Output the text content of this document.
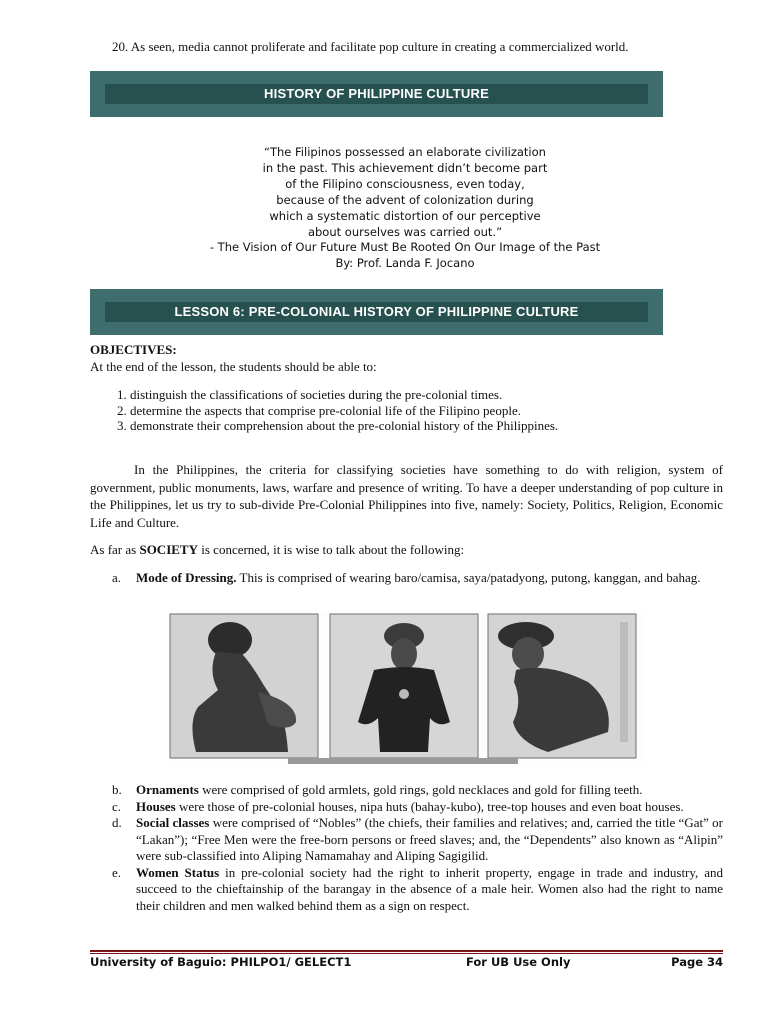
20. As seen, media cannot proliferate and facilitate pop culture in creating a commercialized world.
HISTORY OF PHILIPPINE CULTURE
“The Filipinos possessed an elaborate civilization
in the past. This achievement didn’t become part
of the Filipino consciousness, even today,
because of the advent of colonization during
which a systematic distortion of our perceptive
about ourselves was carried out.”
- The Vision of Our Future Must Be Rooted On Our Image of the Past
By: Prof. Landa F. Jocano
LESSON 6: PRE-COLONIAL HISTORY OF PHILIPPINE CULTURE
OBJECTIVES:
At the end of the lesson, the students should be able to:
1. distinguish the classifications of societies during the pre-colonial times.
2. determine the aspects that comprise pre-colonial life of the Filipino people.
3. demonstrate their comprehension about the pre-colonial history of the Philippines.
In the Philippines, the criteria for classifying societies have something to do with religion, system of government, public monuments, laws, warfare and presence of writing. To have a deeper understanding of pop culture in the Philippines, let us try to sub-divide Pre-Colonial Philippines into five, namely: Society, Politics, Religion, Economic Life and Culture.
As far as SOCIETY is concerned, it is wise to talk about the following:
a. Mode of Dressing. This is comprised of wearing baro/camisa, saya/patadyong, putong, kanggan, and bahag.
b. Ornaments were comprised of gold armlets, gold rings, gold necklaces and gold for filling teeth.
c. Houses were those of pre-colonial houses, nipa huts (bahay-kubo), tree-top houses and even boat houses.
d. Social classes were comprised of “Nobles” (the chiefs, their families and relatives; and, carried the title “Gat” or “Lakan”); “Free Men were the free-born persons or freed slaves; and, the “Dependents” also known as “Alipin” were sub-classified into Aliping Namamahay and Aliping Sagigilid.
e. Women Status in pre-colonial society had the right to inherit property, engage in trade and industry, and succeed to the chieftainship of the barangay in the absence of a male heir. Women also had the right to name their children and men walked behind them as a sign on respect.
University of Baguio: PHILPO1/ GELECT1	For UB Use Only	Page 34
